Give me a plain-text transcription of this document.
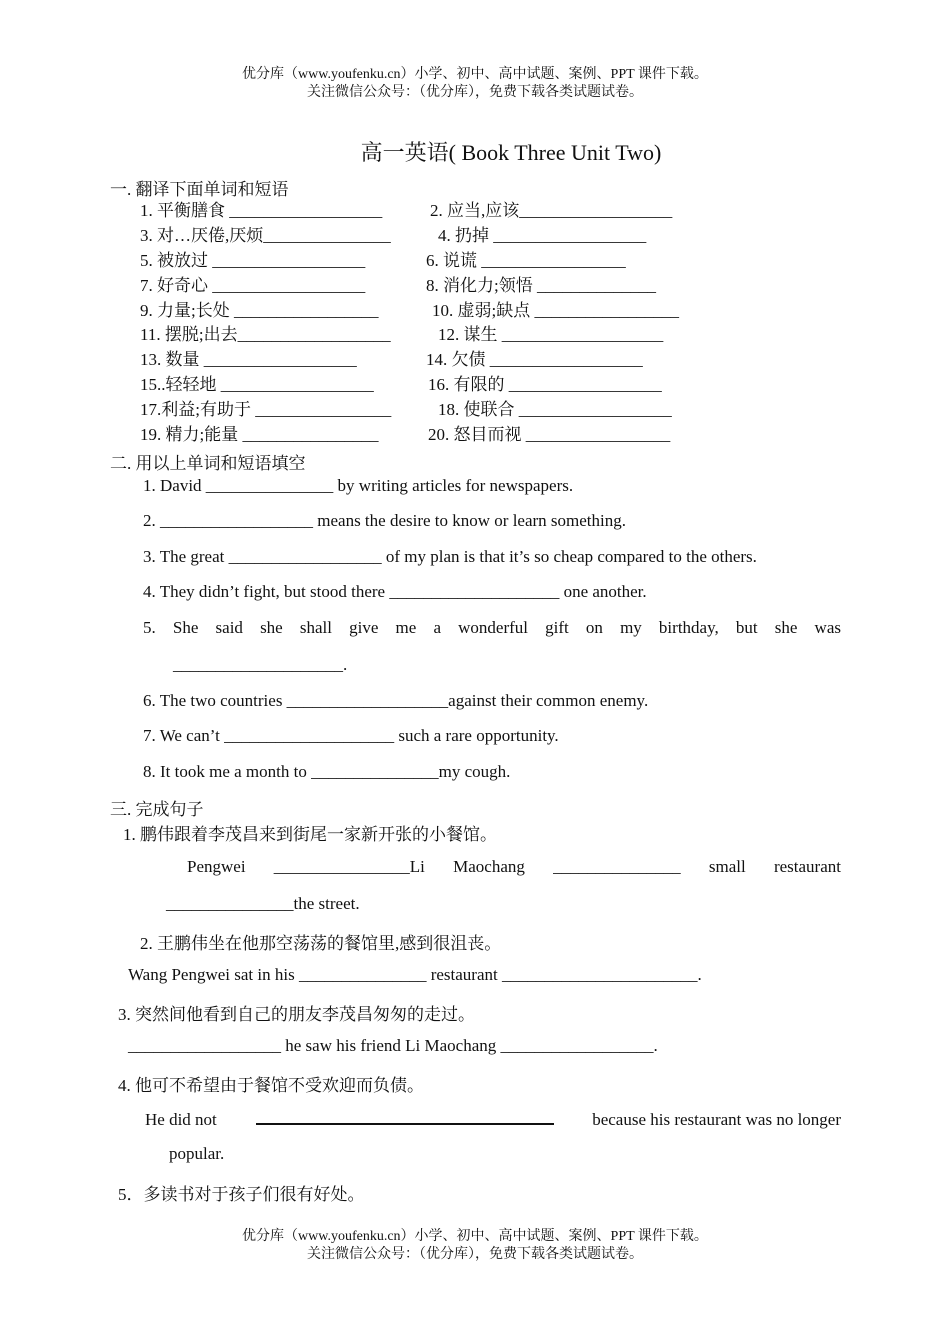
优分库（www.youfenku.cn）小学、初中、高中试题、案例、PPT 课件下载。
关注微信公众号：（优分库），免费下载各类试题试卷。
高一英语( Book Three Unit Two)
一. 翻译下面单词和短语
1. 平衡膳食 __________________	2. 应当,应该__________________
3. 对…厌倦,厌烦_______________	4. 扔掉 __________________
5. 被放过 __________________	6. 说谎 _________________
7. 好奇心 __________________	8. 消化力;领悟 ______________
9. 力量;长处 _________________	10. 虚弱;缺点 _________________
11. 摆脱;出去__________________	12. 谋生 ___________________
13. 数量 __________________	14. 欠债 __________________
15..轻轻地 __________________	16. 有限的 __________________
17.利益;有助于 ________________	18. 使联合 __________________
19. 精力;能量 ________________	20. 怒目而视 _________________
二. 用以上单词和短语填空
1. David _______________ by writing articles for newspapers.
2. __________________ means the desire to know or learn something.
3. The great __________________ of my plan is that it’s so cheap compared to the others.
4. They didn’t fight, but stood there ____________________ one another.
5. She said she shall give me a wonderful gift on my birthday, but she was
____________________.
6. The two countries ___________________against their common enemy.
7. We can’t ____________________ such a rare opportunity.
8. It took me a month to _______________my cough.
三. 完成句子
1. 鹏伟跟着李茂昌来到街尾一家新开张的小餐馆。
Pengwei ________________Li Maochang _______________ small restaurant
_______________the street.
2. 王鹏伟坐在他那空荡荡的餐馆里,感到很沮丧。
Wang Pengwei sat in his _______________ restaurant _______________________.
3. 突然间他看到自己的朋友李茂昌匆匆的走过。
__________________ he saw his friend Li Maochang __________________.
4. 他可不希望由于餐馆不受欢迎而负债。
He did not	because his restaurant was no longer
popular.
5．多读书对于孩子们很有好处。
优分库（www.youfenku.cn）小学、初中、高中试题、案例、PPT 课件下载。
关注微信公众号：（优分库），免费下载各类试题试卷。
